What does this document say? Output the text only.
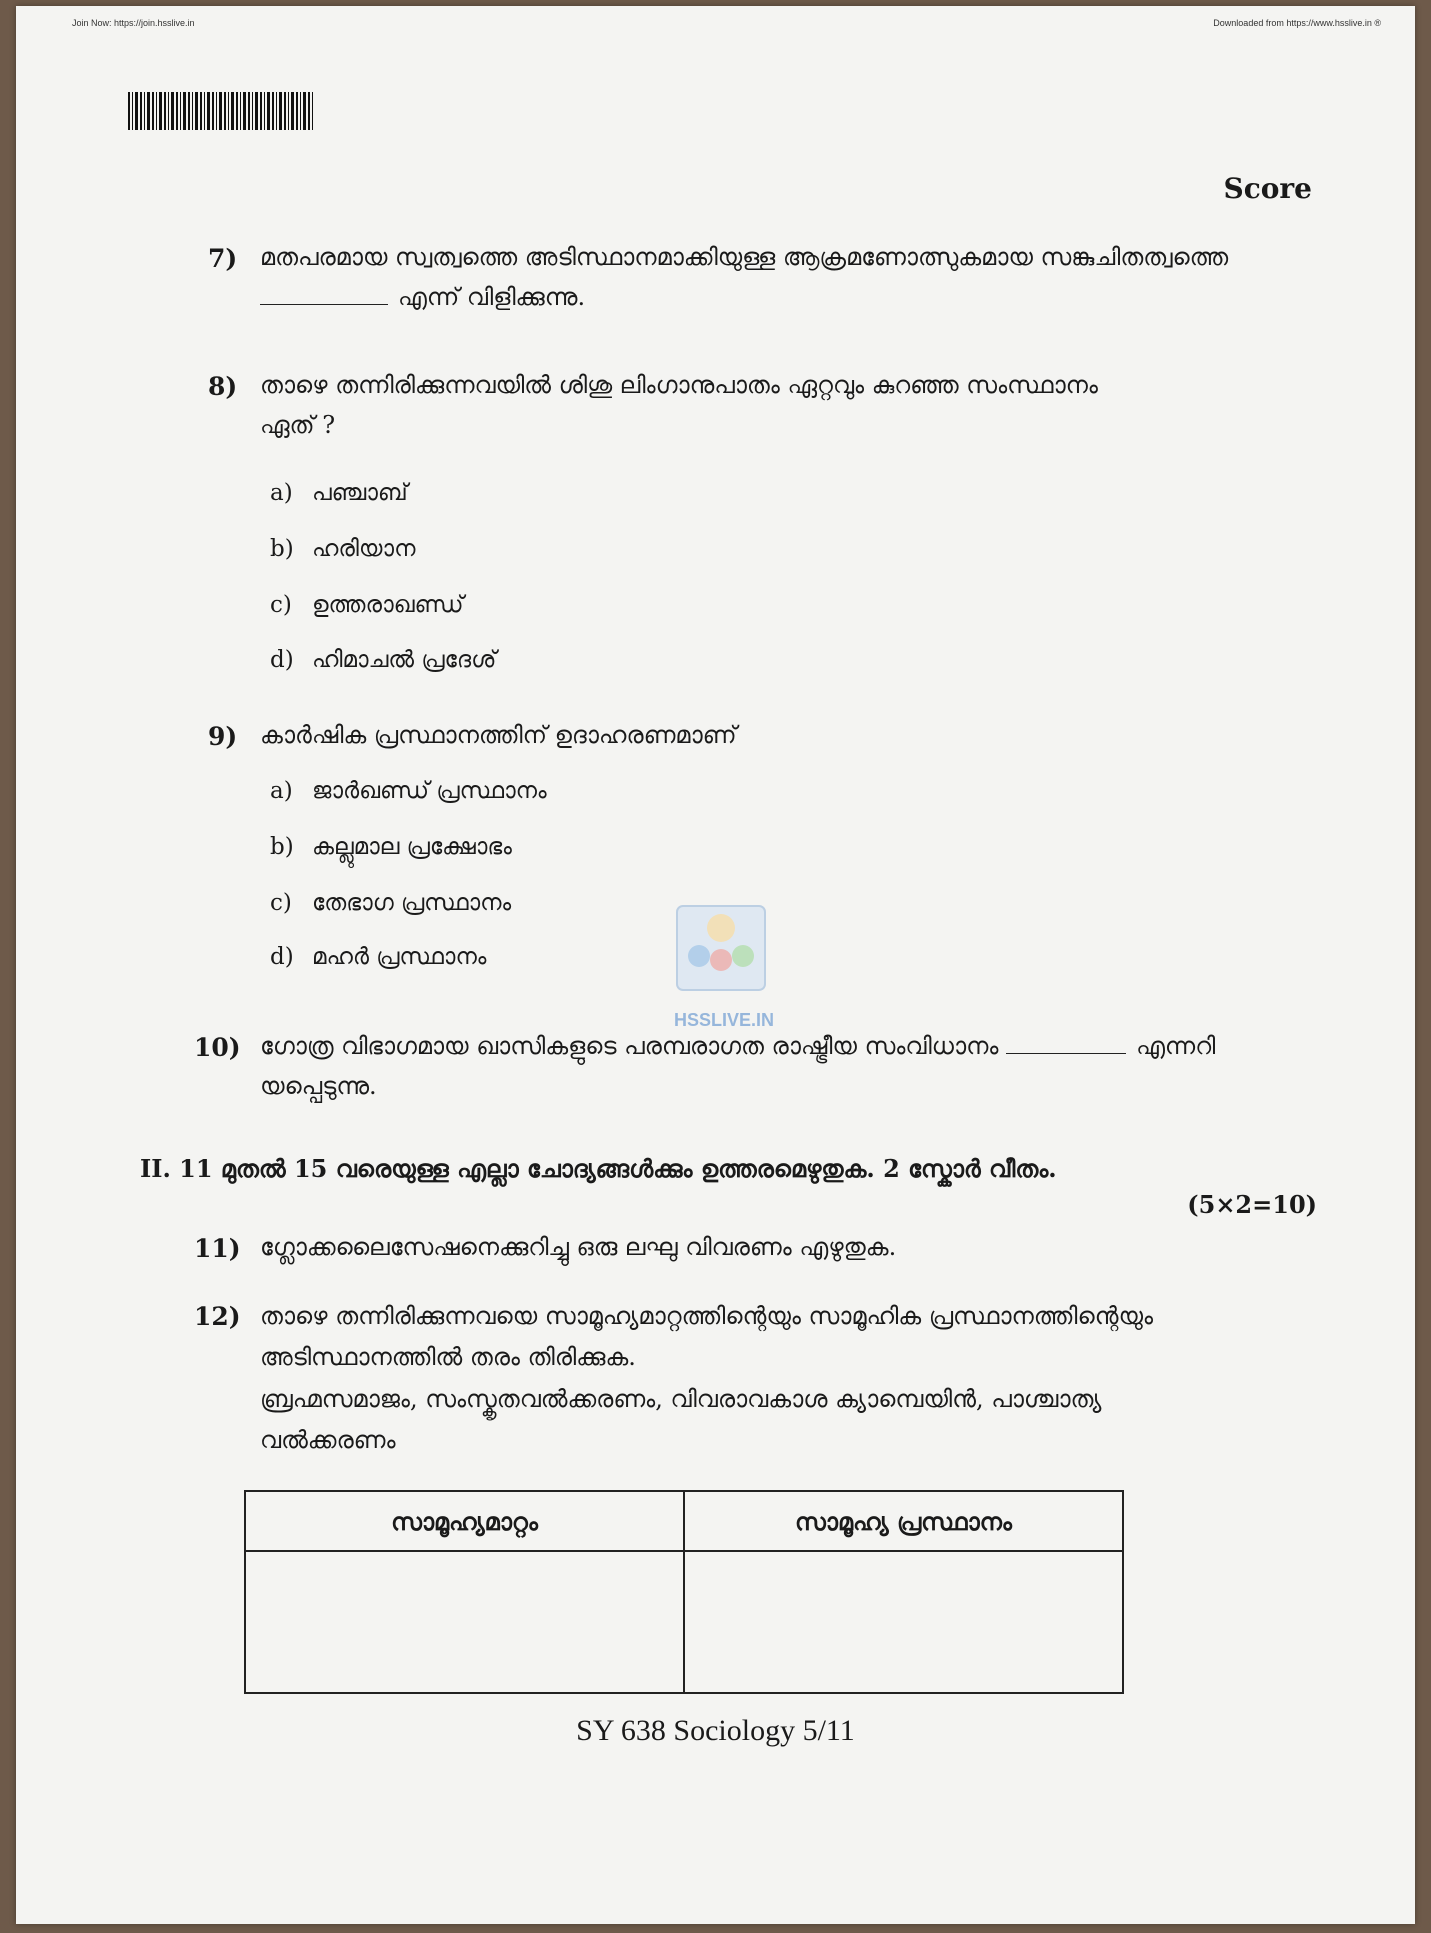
Join Now: https://join.hsslive.in	Downloaded from https://www.hsslive.in ®
Score
7) മതപരമായ സ്വത്വത്തെ അടിസ്ഥാനമാക്കിയുള്ള ആക്രമണോത്സുകമായ സങ്കുചിതത്വത്തെ
എന്ന് വിളിക്കുന്നു.
8) താഴെ തന്നിരിക്കുന്നവയിൽ ശിശു ലിംഗാനുപാതം ഏറ്റവും കുറഞ്ഞ സംസ്ഥാനം
ഏത് ?
a) പഞ്ചാബ്
b) ഹരിയാന
c) ഉത്തരാഖണ്ഡ്
d) ഹിമാചൽ പ്രദേശ്
9) കാർഷിക പ്രസ്ഥാനത്തിന് ഉദാഹരണമാണ്
a) ജാർഖണ്ഡ് പ്രസ്ഥാനം
b) കല്ലുമാല പ്രക്ഷോഭം
c) തേഭാഗ പ്രസ്ഥാനം
d) മഹർ പ്രസ്ഥാനം
HSSLIVE.IN
10) ഗോത്ര വിഭാഗമായ ഖാസികളുടെ പരമ്പരാഗത രാഷ്ട്രീയ സംവിധാനം	എന്നറി
യപ്പെടുന്നു.
II. 11 മുതൽ 15 വരെയുള്ള എല്ലാ ചോദ്യങ്ങൾക്കും ഉത്തരമെഴുതുക. 2 സ്കോർ വീതം.
(5×2=10)
11) ഗ്ലോക്കലൈസേഷനെക്കുറിച്ചു ഒരു ലഘു വിവരണം എഴുതുക.
12) താഴെ തന്നിരിക്കുന്നവയെ സാമൂഹ്യമാറ്റത്തിന്റെയും സാമൂഹിക പ്രസ്ഥാനത്തിന്റെയും
അടിസ്ഥാനത്തിൽ തരം തിരിക്കുക.
ബ്രഹ്മസമാജം, സംസ്കൃതവൽക്കരണം, വിവരാവകാശ ക്യാമ്പെയിൻ, പാശ്ചാത്യ
വൽക്കരണം
സാമൂഹ്യമാറ്റം	സാമൂഹ്യ പ്രസ്ഥാനം

SY 638 Sociology 5/11
